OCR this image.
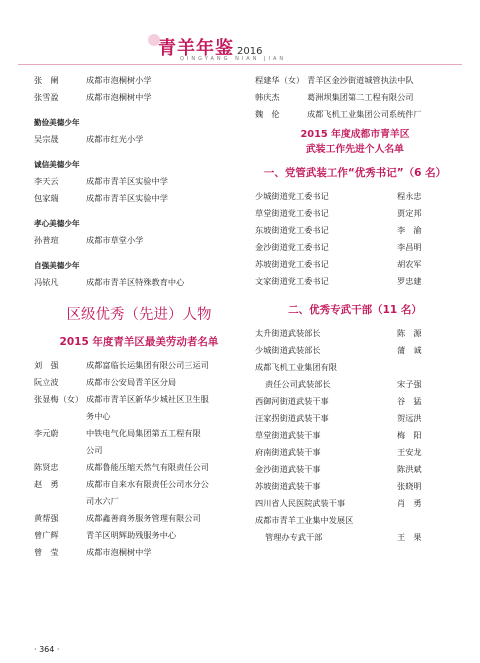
青羊年鉴 2016
QINGYANG NIAN JIAN
张　阑	成都市泡桐树小学
张雪盈	成都市泡桐树中学
勤俭美德少年
吴宗晟	成都市红光小学
诚信美德少年
李天云	成都市青羊区实验中学
包家瑞	成都市青羊区实验中学
孝心美德少年
孙普瑄	成都市草堂小学
自强美德少年
冯铱凡	成都市青羊区特殊教育中心
区级优秀（先进）人物
2015 年度青羊区最美劳动者名单
刘　强	成都富临长运集团有限公司三运司
阮立波	成都市公安局青羊区分局
张显梅（女） 成都市青羊区新华少城社区卫生服
务中心
李元蔚	中铁电气化局集团第五工程有限
公司
陈贤忠	成都鲁能压缩天然气有限责任公司
赵　勇	成都市自来水有限责任公司水分公
司水六厂
黄帮强	成都鑫善商务服务管理有限公司
曾广辉	青羊区明辉助残服务中心
曾　莹	成都市泡桐树中学
程建华（女） 青羊区金沙街道城管执法中队
韩庆杰	葛洲坝集团第二工程有限公司
魏　伦	成都飞机工业集团公司系统件厂
2015 年度成都市青羊区
武装工作先进个人名单
一、党管武装工作“优秀书记”（6 名）
少城街道党工委书记	程永忠
草堂街道党工委书记	贾定邦
东坡街道党工委书记	李　渝
金沙街道党工委书记	李昌明
苏坡街道党工委书记	胡农军
文家街道党工委书记	罗忠建
二、优秀专武干部（11 名）
太升街道武装部长	陈　源
少城街道武装部长	蒲　诚
成都飞机工业集团有限
责任公司武装部长	宋子强
西御河街道武装干事	谷　猛
汪家拐街道武装干事	贺远洪
草堂街道武装干事	梅　阳
府南街道武装干事	王安龙
金沙街道武装干事	陈洪斌
苏坡街道武装干事	张晓明
四川省人民医院武装干事	肖　勇
成都市青羊工业集中发展区
管理办专武干部	王　果
· 364 ·
